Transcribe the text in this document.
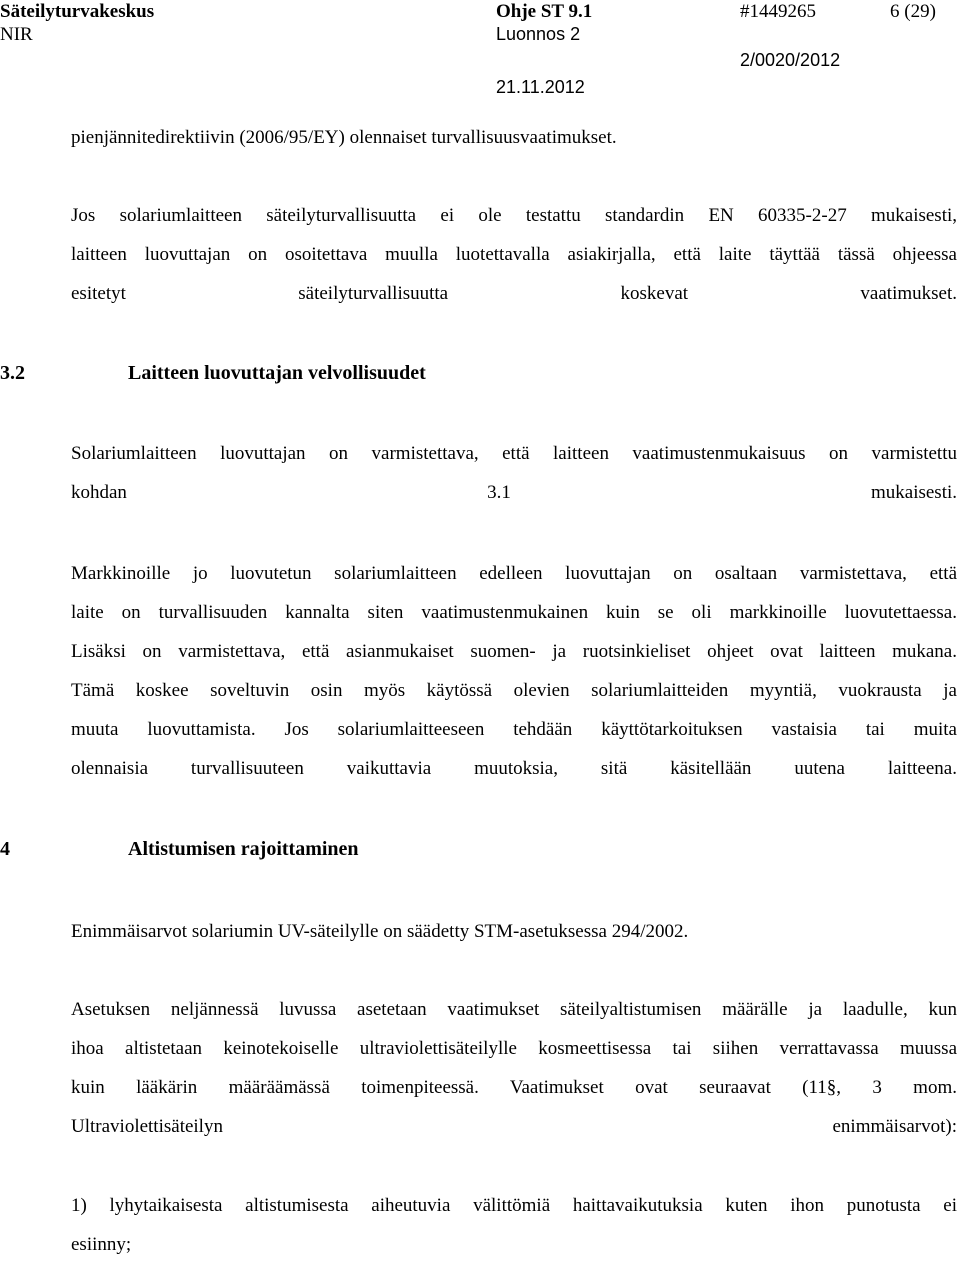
Säteilyturvakeskus
NIR
Ohje ST 9.1
Luonnos 2
21.11.2012
#1449265
2/0020/2012
6 (29)

pienjännitedirektiivin (2006/95/EY) olennaiset turvallisuusvaatimukset.

Jos solariumlaitteen säteilyturvallisuutta ei ole testattu standardin EN 60335-2-27 mukaisesti,
laitteen luovuttajan on osoitettava muulla luotettavalla asiakirjalla, että laite täyttää tässä ohjeessa
esitetyt säteilyturvallisuutta koskevat vaatimukset.

3.2	Laitteen luovuttajan velvollisuudet

Solariumlaitteen luovuttajan on varmistettava, että laitteen vaatimustenmukaisuus on varmistettu
kohdan 3.1 mukaisesti.

Markkinoille jo luovutetun solariumlaitteen edelleen luovuttajan on osaltaan varmistettava, että
laite on turvallisuuden kannalta siten vaatimustenmukainen kuin se oli markkinoille luovutettaessa.
Lisäksi on varmistettava, että asianmukaiset suomen- ja ruotsinkieliset ohjeet ovat laitteen mukana.
Tämä koskee soveltuvin osin myös käytössä olevien solariumlaitteiden myyntiä, vuokrausta ja
muuta luovuttamista. Jos solariumlaitteeseen tehdään käyttötarkoituksen vastaisia tai muita
olennaisia turvallisuuteen vaikuttavia muutoksia, sitä käsitellään uutena laitteena.

4	Altistumisen rajoittaminen

Enimmäisarvot solariumin UV-säteilylle on säädetty STM-asetuksessa 294/2002.

Asetuksen neljännessä luvussa asetetaan vaatimukset säteilyaltistumisen määrälle ja laadulle, kun
ihoa altistetaan keinotekoiselle ultraviolettisäteilylle kosmeettisessa tai siihen verrattavassa muussa
kuin lääkärin määräämässä toimenpiteessä. Vaatimukset ovat seuraavat (11§, 3 mom.
Ultraviolettisäteilyn enimmäisarvot):

1) lyhytaikaisesta altistumisesta aiheutuvia välittömiä haittavaikutuksia kuten ihon punotusta ei
esiinny;
